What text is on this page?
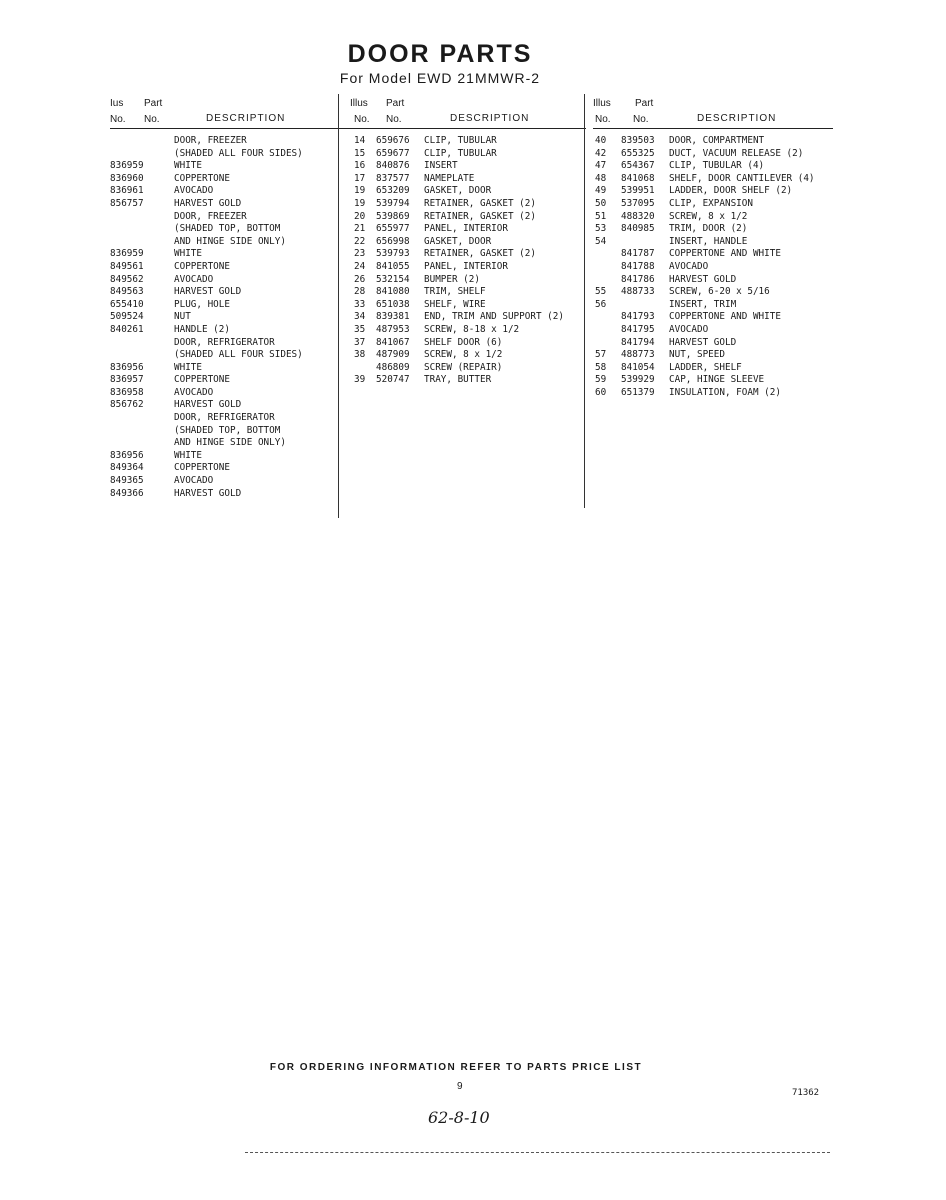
DOOR PARTS
For Model EWD 21MMWR-2
Ius Part
No. No.	DESCRIPTION
DOOR, FREEZER
(SHADED ALL FOUR SIDES)
836959	WHITE
836960	COPPERTONE
836961	AVOCADO
856757	HARVEST GOLD
DOOR, FREEZER
(SHADED TOP, BOTTOM
AND HINGE SIDE ONLY)
836959	WHITE
849561	COPPERTONE
849562	AVOCADO
849563	HARVEST GOLD
655410	PLUG, HOLE
509524	NUT
840261	HANDLE (2)
DOOR, REFRIGERATOR
(SHADED ALL FOUR SIDES)
836956	WHITE
836957	COPPERTONE
836958	AVOCADO
856762	HARVEST GOLD
DOOR, REFRIGERATOR
(SHADED TOP, BOTTOM
AND HINGE SIDE ONLY)
836956	WHITE
849364	COPPERTONE
849365	AVOCADO
849366	HARVEST GOLD
Illus Part
No. No.	DESCRIPTION
14 659676 CLIP, TUBULAR
15 659677 CLIP, TUBULAR
16 840876 INSERT
17 837577 NAMEPLATE
19 653209 GASKET, DOOR
19 539794 RETAINER, GASKET (2)
20 539869 RETAINER, GASKET (2)
21 655977 PANEL, INTERIOR
22 656998 GASKET, DOOR
23 539793 RETAINER, GASKET (2)
24 841055 PANEL, INTERIOR
26 532154 BUMPER (2)
28 841080 TRIM, SHELF
33 651038 SHELF, WIRE
34 839381 END, TRIM AND SUPPORT (2)
35 487953 SCREW, 8-18 x 1/2
37 841067 SHELF DOOR (6)
38 487909 SCREW, 8 x 1/2
486809 SCREW (REPAIR)
39 520747 TRAY, BUTTER
Illus Part
No. No.	DESCRIPTION
40 839503 DOOR, COMPARTMENT
42 655325 DUCT, VACUUM RELEASE (2)
47 654367 CLIP, TUBULAR (4)
48 841068 SHELF, DOOR CANTILEVER (4)
49 539951 LADDER, DOOR SHELF (2)
50 537095 CLIP, EXPANSION
51 488320 SCREW, 8 x 1/2
53 840985 TRIM, DOOR (2)
54	INSERT, HANDLE
841787 COPPERTONE AND WHITE
841788 AVOCADO
841786 HARVEST GOLD
55 488733 SCREW, 6-20 x 5/16
56	INSERT, TRIM
841793 COPPERTONE AND WHITE
841795 AVOCADO
841794 HARVEST GOLD
57 488773 NUT, SPEED
58 841054 LADDER, SHELF
59 539929 CAP, HINGE SLEEVE
60 651379 INSULATION, FOAM (2)
FOR ORDERING INFORMATION REFER TO PARTS PRICE LIST
9
71362
62-8-10
